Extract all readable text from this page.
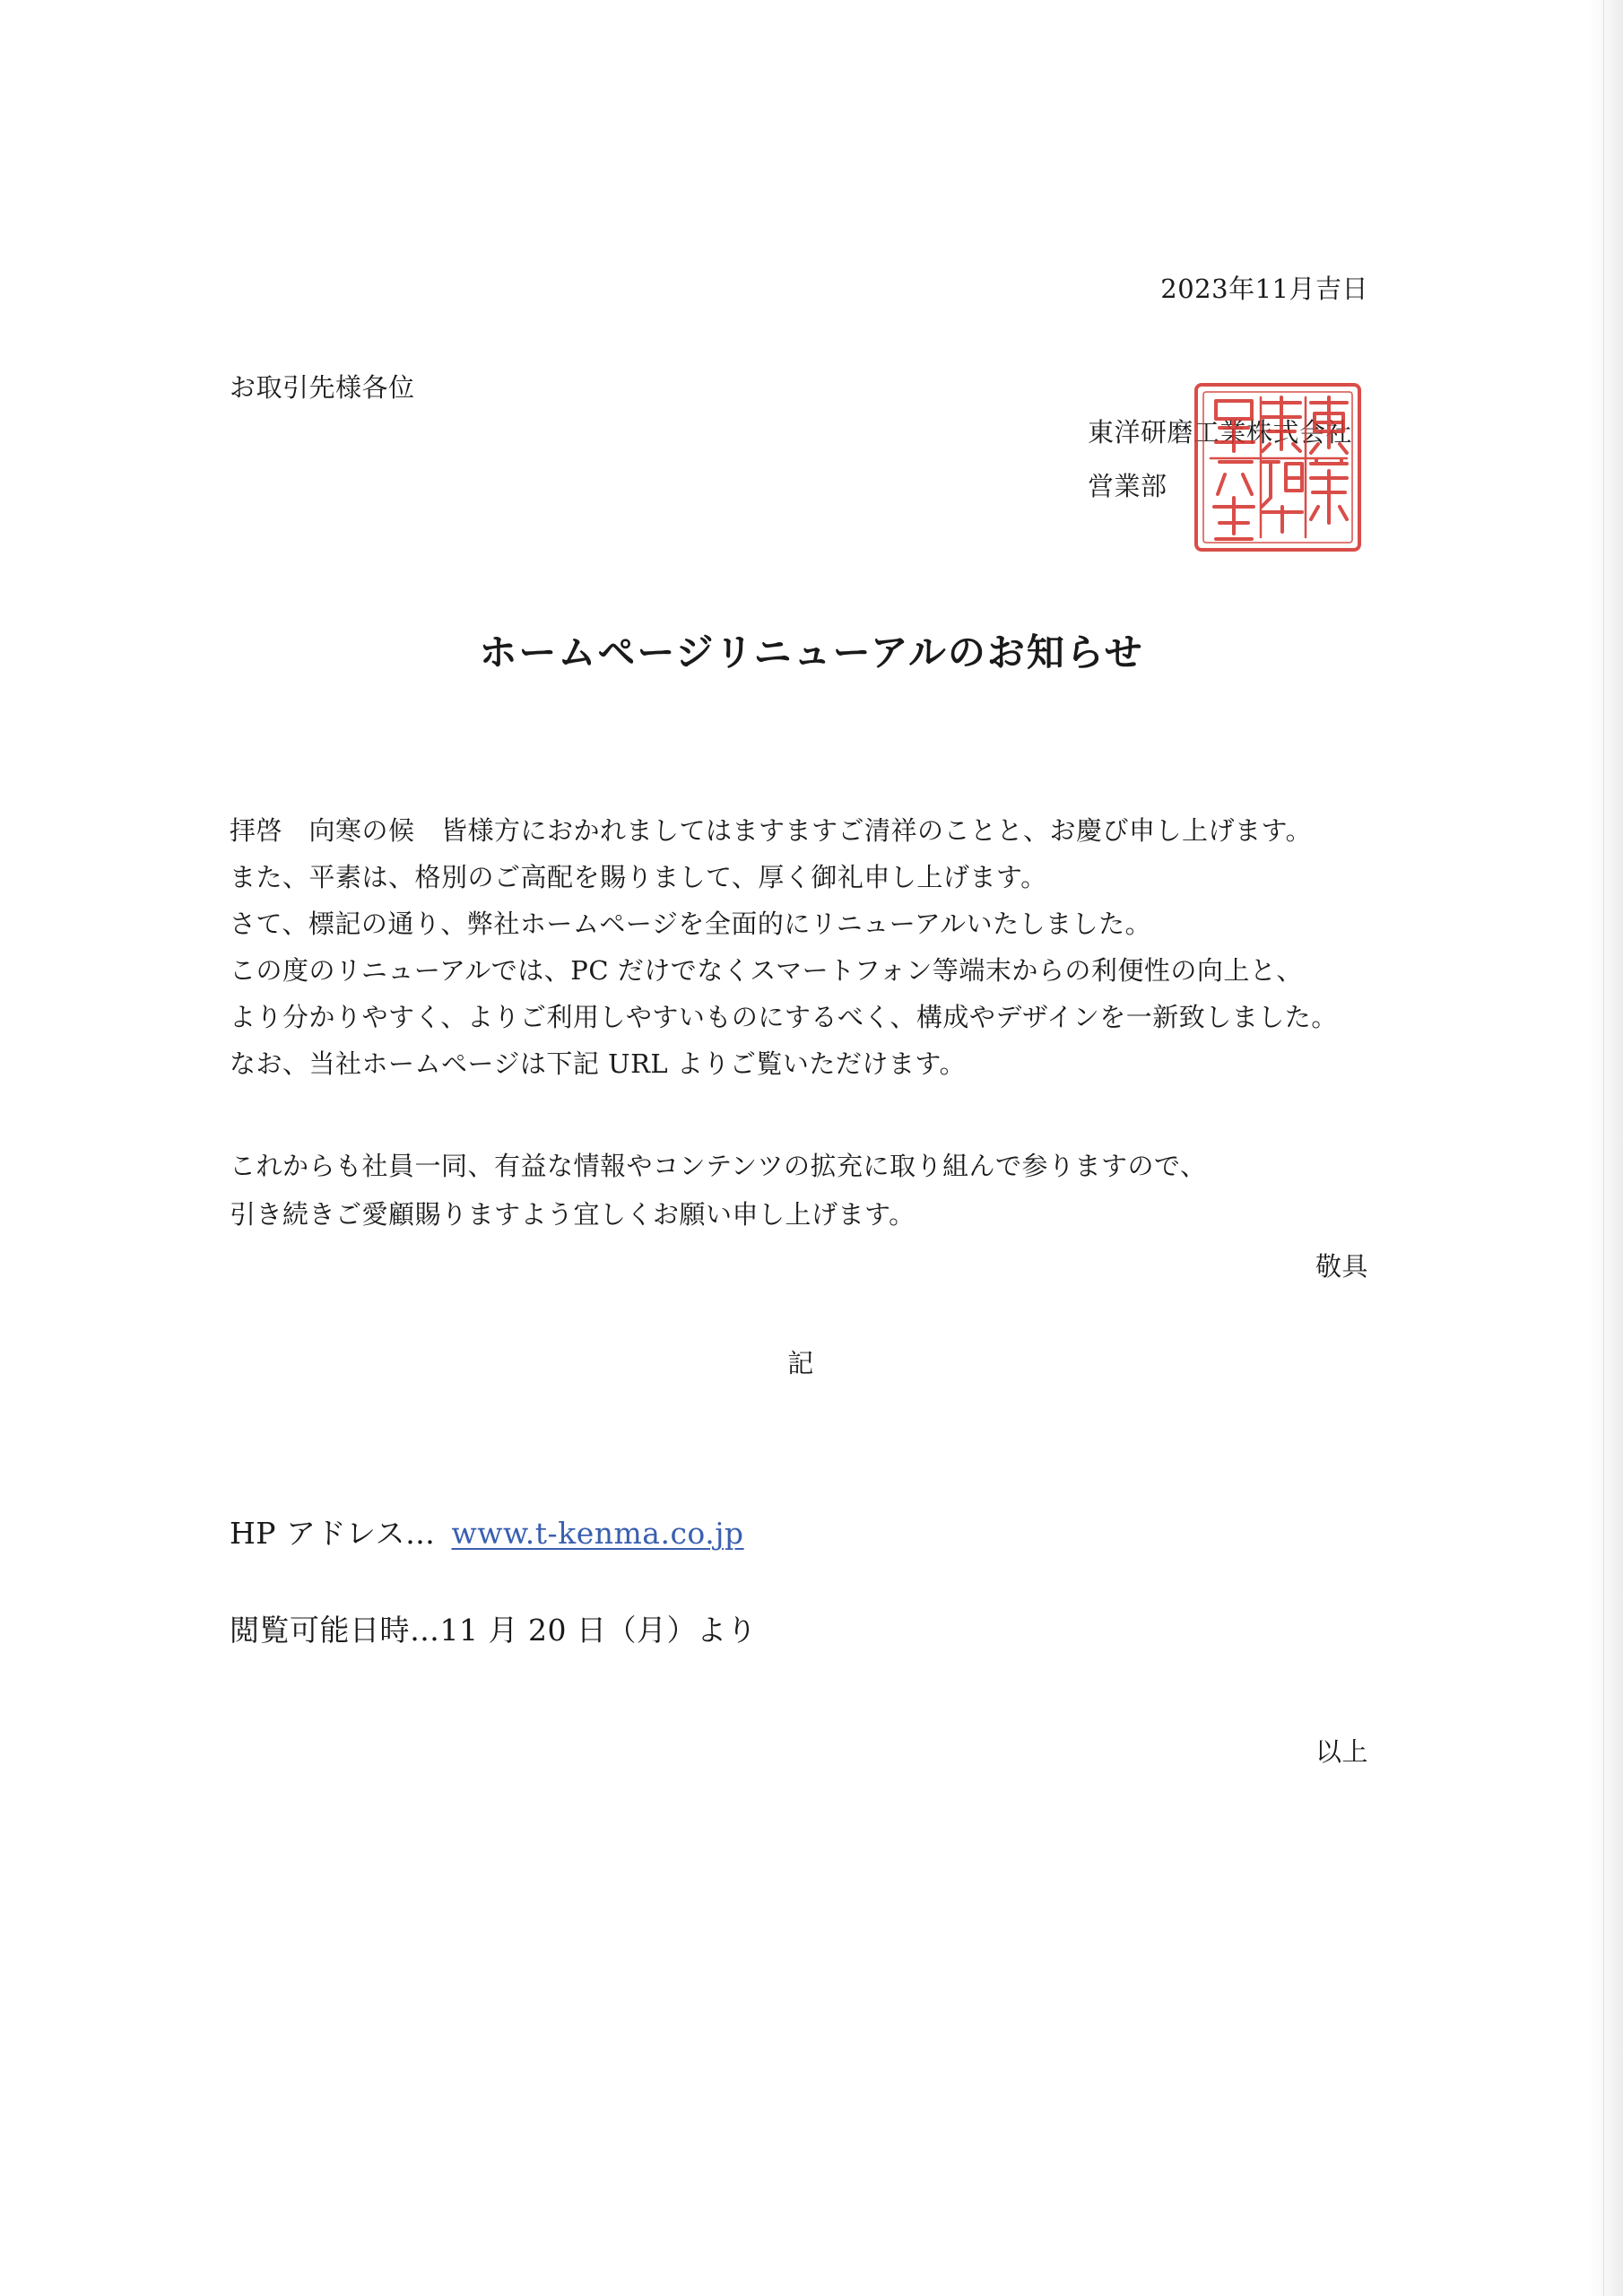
2023年11月吉日
お取引先様各位
東洋研磨工業株式会社
営業部
ホームページリニューアルのお知らせ
拝啓　向寒の候　皆様方におかれましてはますますご清祥のことと、お慶び申し上げます。
また、平素は、格別のご高配を賜りまして、厚く御礼申し上げます。
さて、標記の通り、弊社ホームページを全面的にリニューアルいたしました。
この度のリニューアルでは、PC だけでなくスマートフォン等端末からの利便性の向上と、
より分かりやすく、よりご利用しやすいものにするべく、構成やデザインを一新致しました。
なお、当社ホームページは下記 URL よりご覧いただけます。
これからも社員一同、有益な情報やコンテンツの拡充に取り組んで参りますので、
引き続きご愛顧賜りますよう宜しくお願い申し上げます。
敬具
記
HP アドレス… www.t-kenma.co.jp
閲覧可能日時…11 月 20 日（月）より
以上
